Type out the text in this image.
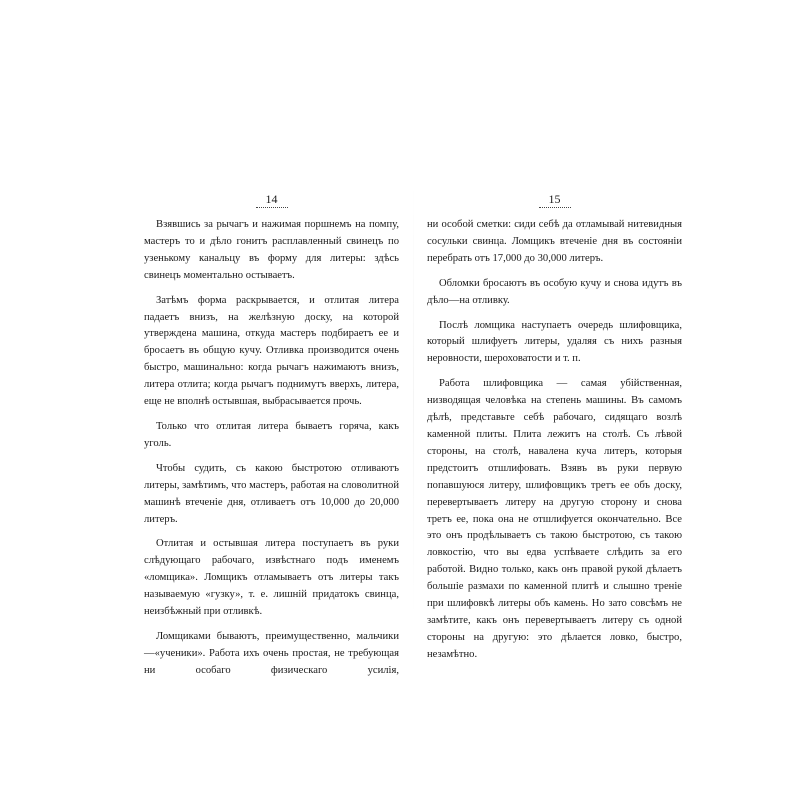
14

Взявшись за рычагъ и нажимая поршнемъ на помпу, мастеръ то и дѣло гонитъ расплавленный свинецъ по узенькому канальцу въ форму для литеры: здѣсь свинецъ моментально остываетъ.

Затѣмъ форма раскрывается, и отлитая литера падаетъ внизъ, на желѣзную доску, на которой утверждена машина, откуда мастеръ подбираетъ ее и бросаетъ въ общую кучу. Отливка производится очень быстро, машинально: когда рычагъ нажимаютъ внизъ, литера отлита; когда рычагъ поднимутъ вверхъ, литера, еще не вполнѣ остывшая, выбрасывается прочь.

Только что отлитая литера бываетъ горяча, какъ уголь.

Чтобы судить, съ какою быстротою отливаютъ литеры, замѣтимъ, что мастеръ, работая на словолитной машинѣ втеченіе дня, отливаетъ отъ 10,000 до 20,000 литеръ.

Отлитая и остывшая литера поступаетъ въ руки слѣдующаго рабочаго, извѣстнаго подъ именемъ «ломщика». Ломщикъ отламываетъ отъ литеры такъ называемую «гузку», т. е. лишній придатокъ свинца, неизбѣжный при отливкѣ.

Ломщиками бываютъ, преимущественно, мальчики—«ученики». Работа ихъ очень простая, не требующая ни особаго физическаго усилія,

15

ни особой сметки: сиди себѣ да отламывай нитевидныя сосульки свинца. Ломщикъ втеченіе дня въ состояніи перебрать отъ 17,000 до 30,000 литеръ.

Обломки бросаютъ въ особую кучу и снова идутъ въ дѣло—на отливку.

Послѣ ломщика наступаетъ очередь шлифовщика, который шлифуетъ литеры, удаляя съ нихъ разныя неровности, шероховатости и т. п.

Работа шлифовщика — самая убійственная, низводящая человѣка на степень машины. Въ самомъ дѣлѣ, представьте себѣ рабочаго, сидящаго возлѣ каменной плиты. Плита лежитъ на столѣ. Съ лѣвой стороны, на столѣ, навалена куча литеръ, которыя предстоитъ отшлифовать. Взявъ въ руки первую попавшуюся литеру, шлифовщикъ третъ ее объ доску, перевертываетъ литеру на другую сторону и снова третъ ее, пока она не отшлифуется окончательно. Все это онъ продѣлываетъ съ такою быстротою, съ такою ловкостію, что вы едва успѣваете слѣдить за его работой. Видно только, какъ онъ правой рукой дѣлаетъ большіе размахи по каменной плитѣ и слышно треніе при шлифовкѣ литеры объ камень. Но зато совсѣмъ не замѣтите, какъ онъ перевертываетъ литеру съ одной стороны на другую: это дѣлается ловко, быстро, незамѣтно.
